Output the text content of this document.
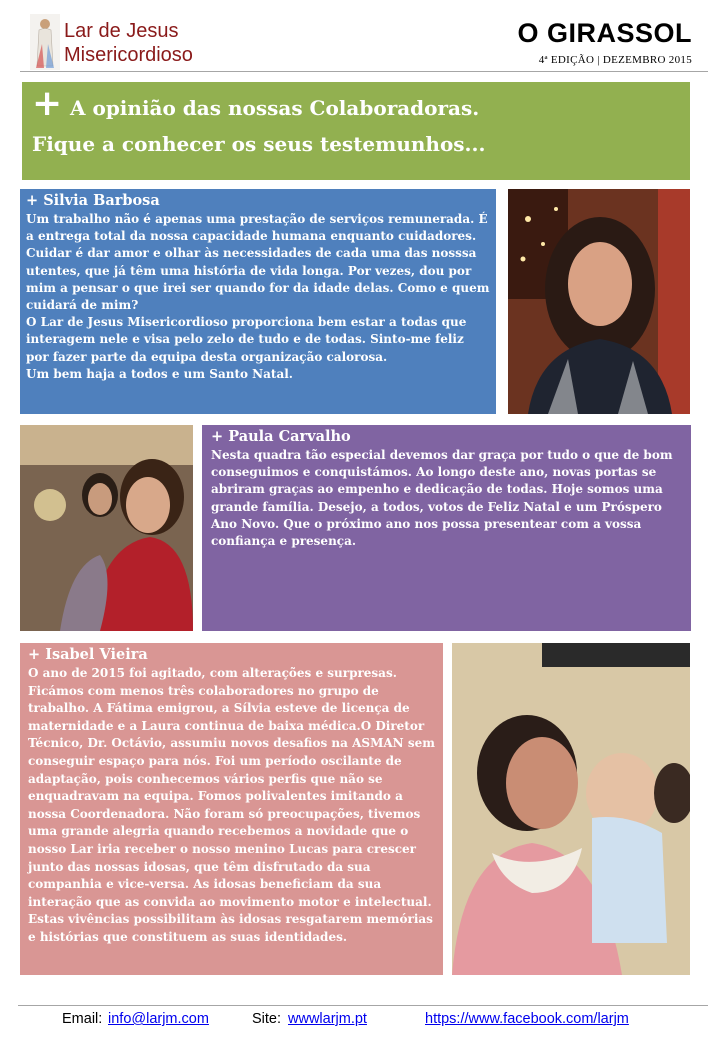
Lar de Jesus
Misericordioso
O GIRASSOL
4ª EDIÇÃO | DEZEMBRO 2015
+ A opinião das nossas Colaboradoras.
Fique a conhecer os seus testemunhos...
+ Silvia Barbosa
Um trabalho não é apenas uma prestação de serviços remunerada. É a entrega total da nossa capacidade humana enquanto cuidadores.
Cuidar é dar amor e olhar às necessidades de cada uma das nosssa utentes, que já têm uma história de vida longa. Por vezes, dou por mim a pensar o que irei ser quando for da idade delas. Como e quem cuidará de mim?
O Lar de Jesus Misericordioso proporciona bem estar a todas que interagem nele e visa pelo zelo de tudo e de todas. Sinto-me feliz por fazer parte da equipa desta organização calorosa.
Um bem haja a todos e um Santo Natal.
+ Paula Carvalho
Nesta quadra tão especial devemos dar graça por tudo o que de bom conseguimos e conquistámos. Ao longo deste ano, novas portas se abriram graças ao empenho e dedicação de todas. Hoje somos uma grande família. Desejo, a todos, votos de Feliz Natal e um Próspero Ano Novo. Que o próximo ano nos possa presentear com a vossa confiança e presença.
+ Isabel Vieira
O ano de 2015 foi agitado, com alterações e surpresas. Ficámos com menos três colaboradores no grupo de trabalho. A Fátima emigrou, a Sílvia esteve de licença de maternidade e a Laura continua de baixa médica.O Diretor Técnico, Dr. Octávio, assumiu novos desafios na ASMAN sem conseguir espaço para nós. Foi um período oscilante de adaptação, pois conhecemos vários perfis que não se enquadravam na equipa. Fomos polivalentes imitando a nossa Coordenadora. Não foram só preocupações, tivemos uma grande alegria quando recebemos a novidade que o nosso Lar iria receber o nosso menino Lucas para crescer junto das nossas idosas, que têm disfrutado da sua companhia e vice-versa. As idosas beneficiam da sua interação que as convida ao movimento motor e intelectual. Estas vivências possibilitam às idosas resgatarem memórias e histórias que constituem as suas identidades.
Email: info@larjm.com	Site: wwwlarjm.pt	https://www.facebook.com/larjm
